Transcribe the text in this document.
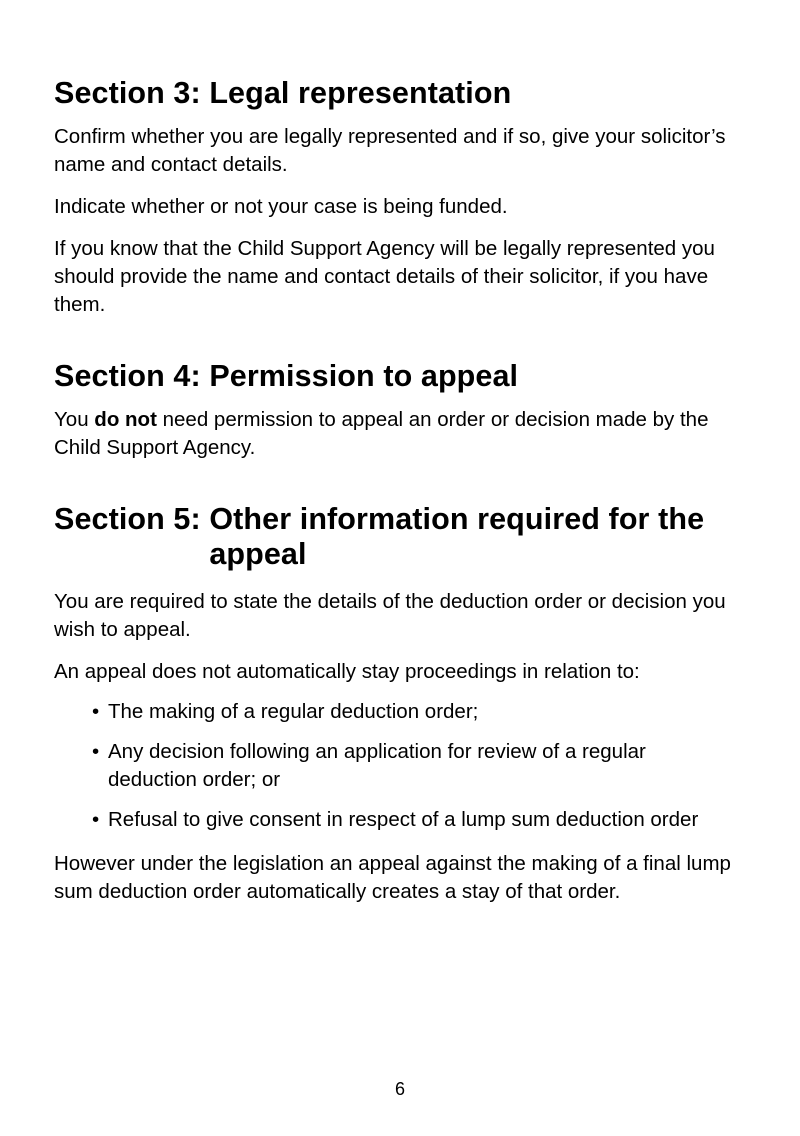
Section 3: Legal representation

Confirm whether you are legally represented and if so, give your solicitor’s name and contact details.

Indicate whether or not your case is being funded.

If you know that the Child Support Agency will be legally represented you should provide the name and contact details of their solicitor, if you have them.

Section 4: Permission to appeal

You do not need permission to appeal an order or decision made by the Child Support Agency.

Section 5: Other information required for the appeal

You are required to state the details of the deduction order or decision you wish to appeal.

An appeal does not automatically stay proceedings in relation to:

• The making of a regular deduction order;
• Any decision following an application for review of a regular deduction order; or
• Refusal to give consent in respect of a lump sum deduction order

However under the legislation an appeal against the making of a final lump sum deduction order automatically creates a stay of that order.

6
